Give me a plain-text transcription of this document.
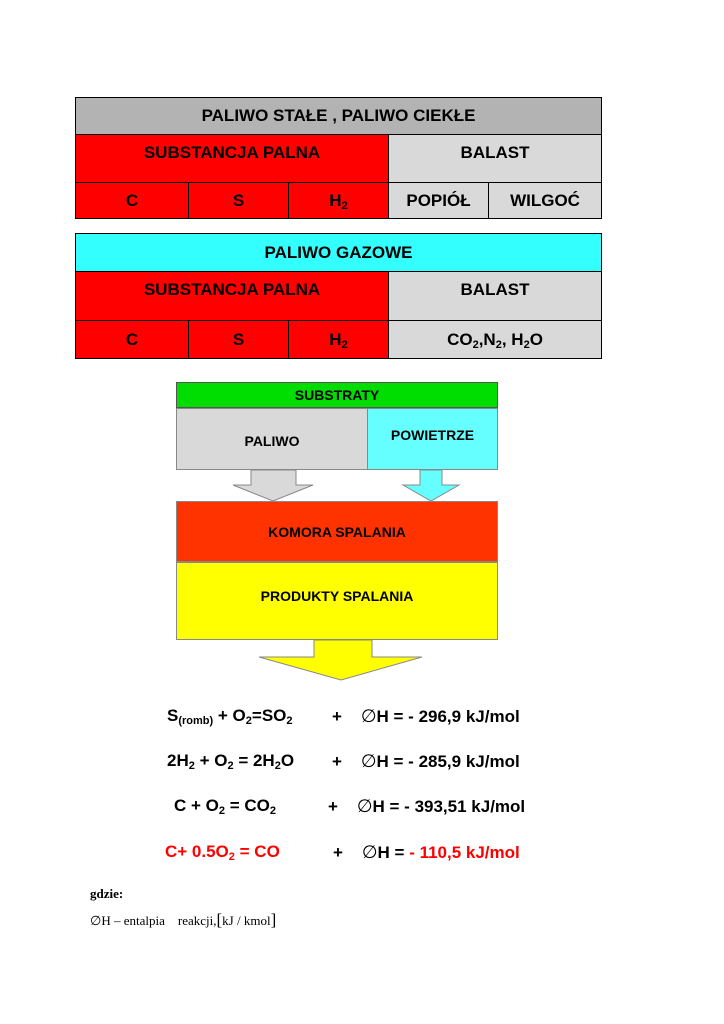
PALIWO STAŁE , PALIWO CIEKŁE				
SUBSTANCJA PALNA			BALAST	
C	S	$H_2$	POPIÓŁ	WILGOĆ
PALIWO GAZOWE			
SUBSTANCJA PALNA			BALAST
C	S	$H_2$	$CO_2,N_2$, $H_2O$
SUBSTRATY
PALIWO	POWIETRZE
KOMORA SPALANIA
PRODUKTY SPALANIA
$S_{(romb)} + O_2=SO_2$ + ∅H = - 296,9 kJ/mol
$2H_2 + O_2 = 2H_2O$ + ∅H = - 285,9 kJ/mol
$C + O_2 = CO_2$	+ ∅H = - 393,51 kJ/mol
$C+ 0.5O_2$ = CO	+ ∅H = - 110,5 kJ/mol
gdzie:
∅H – entalpia    reakcji,[kJ / kmol]
